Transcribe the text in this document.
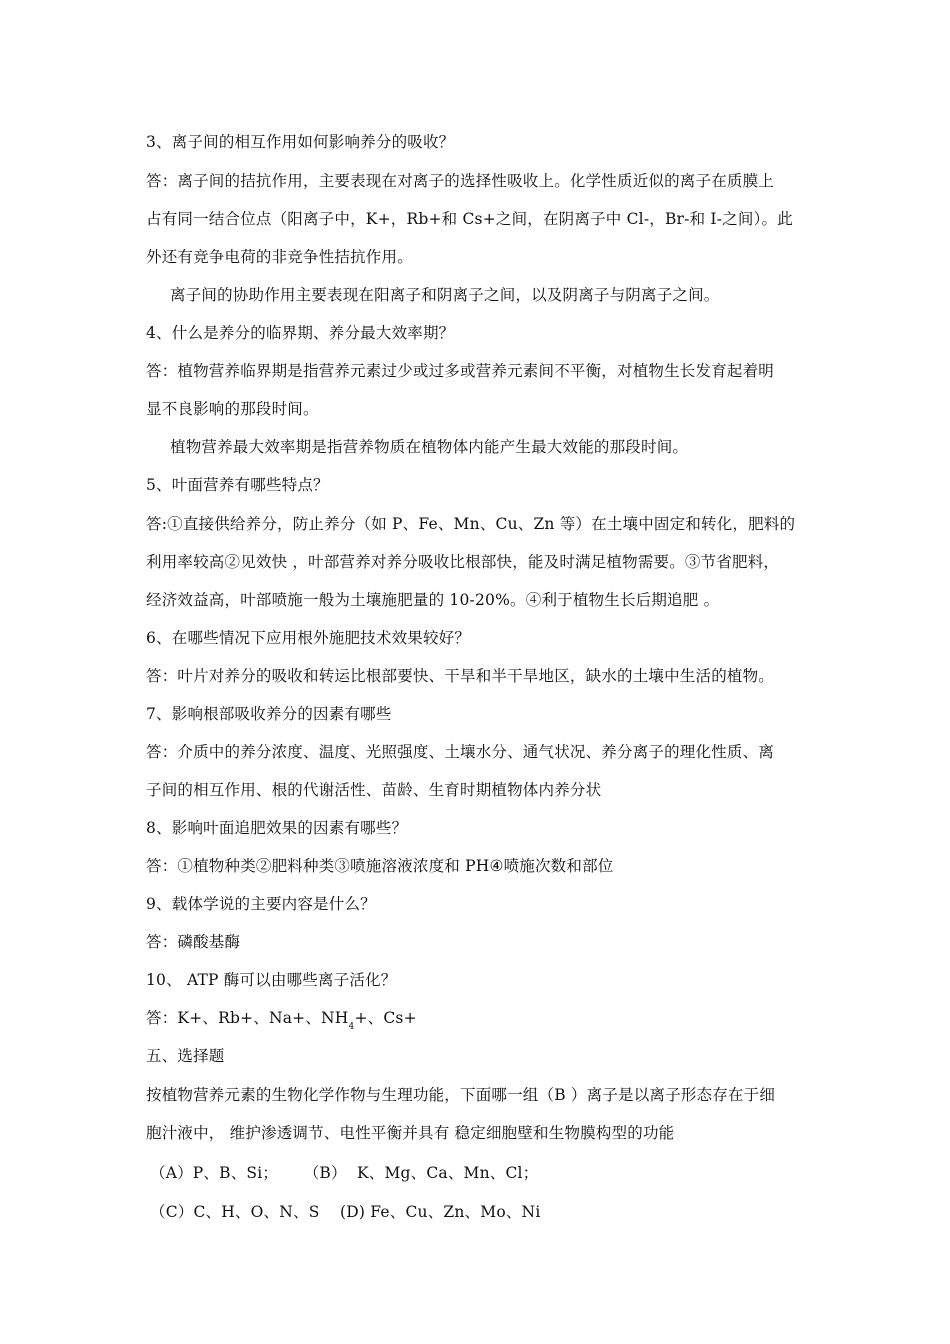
3、离子间的相互作用如何影响养分的吸收？
答：离子间的拮抗作用，主要表现在对离子的选择性吸收上。化学性质近似的离子在质膜上
占有同一结合位点（阳离子中，K+，Rb+和 Cs+之间，在阴离子中 Cl-，Br-和 I-之间）。此
外还有竞争电荷的非竞争性拮抗作用。
离子间的协助作用主要表现在阳离子和阴离子之间，以及阴离子与阴离子之间。
4、什么是养分的临界期、养分最大效率期？
答：植物营养临界期是指营养元素过少或过多或营养元素间不平衡，对植物生长发育起着明
显不良影响的那段时间。
植物营养最大效率期是指营养物质在植物体内能产生最大效能的那段时间。
5、叶面营养有哪些特点？
答:①直接供给养分，防止养分（如 P、Fe、Mn、Cu、Zn 等）在土壤中固定和转化，肥料的
利用率较高②见效快 ，叶部营养对养分吸收比根部快，能及时满足植物需要。③节省肥料，
经济效益高，叶部喷施一般为土壤施肥量的 10-20%。④利于植物生长后期追肥 。
6、在哪些情况下应用根外施肥技术效果较好？
答：叶片对养分的吸收和转运比根部要快、干旱和半干旱地区，缺水的土壤中生活的植物。
7、影响根部吸收养分的因素有哪些
答：介质中的养分浓度、温度、光照强度、土壤水分、通气状况、养分离子的理化性质、离
子间的相互作用、根的代谢活性、苗龄、生育时期植物体内养分状
8、影响叶面追肥效果的因素有哪些？
答：①植物种类②肥料种类③喷施溶液浓度和 PH④喷施次数和部位
9、载体学说的主要内容是什么？
答：磷酸基酶
10、 ATP 酶可以由哪些离子活化？
答：K+、Rb+、Na+、$NH_4+$、Cs+
五、选择题
按植物营养元素的生物化学作物与生理功能，下面哪一组（B ）离子是以离子形态存在于细
胞汁液中， 维护渗透调节、电性平衡并具有 稳定细胞壁和生物膜构型的功能
（A）P、B、Si；     （B）  K、Mg、Ca、Mn、Cl；
（C）C、H、O、N、S    (D) Fe、Cu、Zn、Mo、Ni
